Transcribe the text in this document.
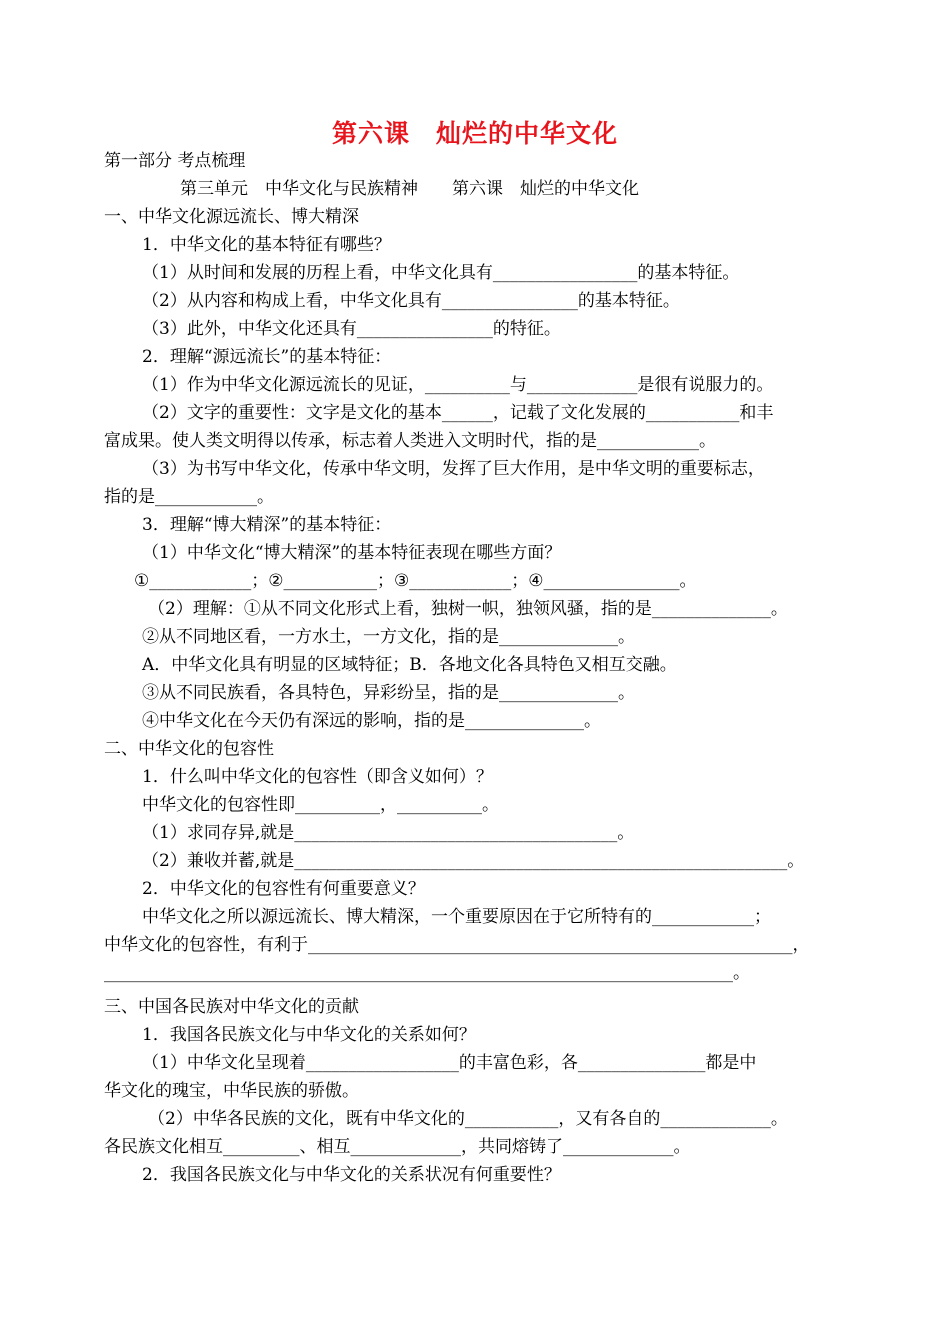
第六课　灿烂的中华文化
第一部分 考点梳理
第三单元　中华文化与民族精神　　第六课　灿烂的中华文化
一、中华文化源远流长、博大精深
1．中华文化的基本特征有哪些？
（1）从时间和发展的历程上看，中华文化具有_________________的基本特征。
（2）从内容和构成上看，中华文化具有________________的基本特征。
（3）此外，中华文化还具有________________的特征。
2．理解“源远流长”的基本特征：
（1）作为中华文化源远流长的见证，__________与_____________是很有说服力的。
（2）文字的重要性：文字是文化的基本______，记载了文化发展的___________和丰
富成果。使人类文明得以传承，标志着人类进入文明时代，指的是____________。
（3）为书写中华文化，传承中华文明，发挥了巨大作用，是中华文明的重要标志，
指的是____________。
3．理解“博大精深”的基本特征：
（1）中华文化“博大精深”的基本特征表现在哪些方面？
①____________；②___________；③____________；④________________。
（2）理解：①从不同文化形式上看，独树一帜，独领风骚，指的是______________。
②从不同地区看，一方水土，一方文化，指的是______________。
A．中华文化具有明显的区域特征；B．各地文化各具特色又相互交融。
③从不同民族看，各具特色，异彩纷呈，指的是______________。
④中华文化在今天仍有深远的影响，指的是______________。
二、中华文化的包容性
1．什么叫中华文化的包容性（即含义如何）？
中华文化的包容性即__________，__________。
（1）求同存异,就是______________________________________。
（2）兼收并蓄,就是__________________________________________________________。
2．中华文化的包容性有何重要意义？
中华文化之所以源远流长、博大精深，一个重要原因在于它所特有的____________；
中华文化的包容性，有利于_________________________________________________________，
__________________________________________________________________________。
三、中国各民族对中华文化的贡献
1．我国各民族文化与中华文化的关系如何？
（1）中华文化呈现着__________________的丰富色彩，各_______________都是中
华文化的瑰宝，中华民族的骄傲。
（2）中华各民族的文化，既有中华文化的___________，又有各自的_____________。
各民族文化相互_________、相互_____________，共同熔铸了_____________。
2．我国各民族文化与中华文化的关系状况有何重要性？
